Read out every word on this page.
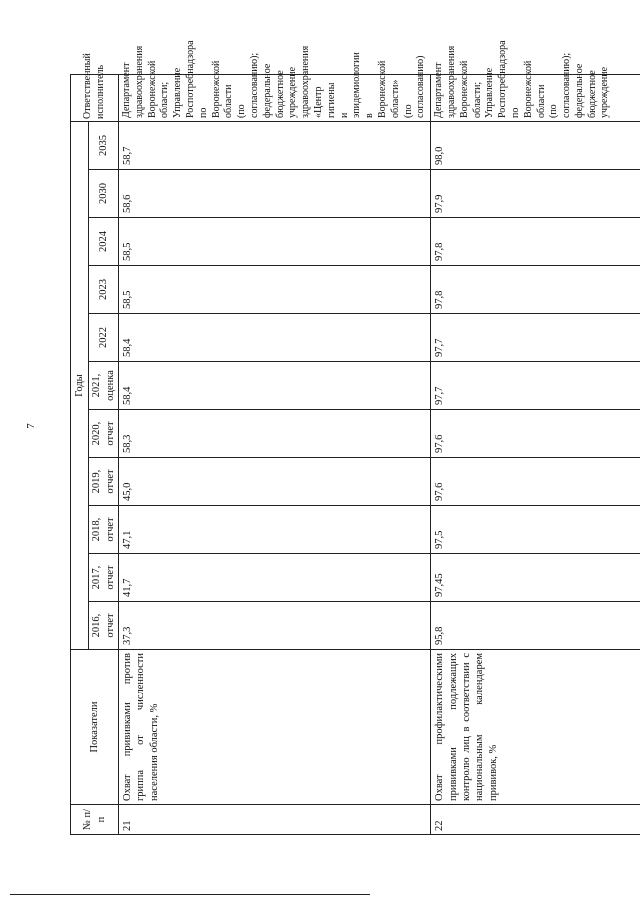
7
№ п/п	Показатели	Годы											Ответственный исполнитель
		2016, отчет	2017, отчет	2018, отчет	2019, отчет	2020, отчет	2021, оценка	2022	2023	2024	2030	2035	
21	Охват прививками против гриппа от численности населения области, %	37,3	41,7	47,1	45,0	58,3	58,4	58,4	58,5	58,5	58,6	58,7	Департамент здравоохранения Воронежской области; Управление Роспотребнадзора по Воронежской области (по согласованию); федеральное бюджетное учреждение здравоохранения «Центр гигиены и эпидемиологии в Воронежской области» (по согласованию)
22	Охват профилактическими прививками подлежащих контролю лиц в соответствии с национальным календарем прививок, %	95,8	97,45	97,5	97,6	97,6	97,7	97,7	97,8	97,8	97,9	98,0	Департамент здравоохранения Воронежской области; Управление Роспотребнадзора по Воронежской области (по согласованию); федеральное бюджетное учреждение
